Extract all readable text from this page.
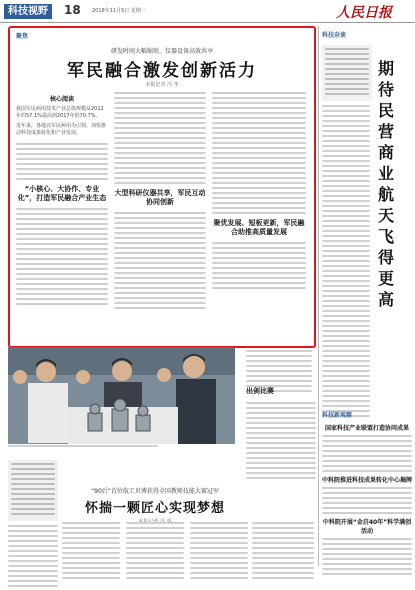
科技视野	18 2018年11月5日 星期一	人民日报
聚焦
研发时间大幅缩短，仪器设备高效共享
军民融合激发创新活力
本报记者 冯 华
核心阅读
我国军民两用技术产业总体规模从2012年的57.1%提高到2017年的70.7%。
近年来，各地以军民两用为引领，加快推动科技成果转化和产业发展。
“小核心、大协作、专业化”，打造军民融合产业生态
大型科研仪器共享，军民互动协同创新
聚优发展、短板更新，军民融合助推高质量发展
科技杂谈
期待民营商业航天飞得更高
出剑比赛
科技新观察
国家科技产业联盟打造协同成果
中科院推进科技成果转化中心揭牌
中科院开展“金启40年”科学满创活动
“90后”首位航工贝博获得全国教师技能大赛冠军
怀揣一颗匠心实现梦想
